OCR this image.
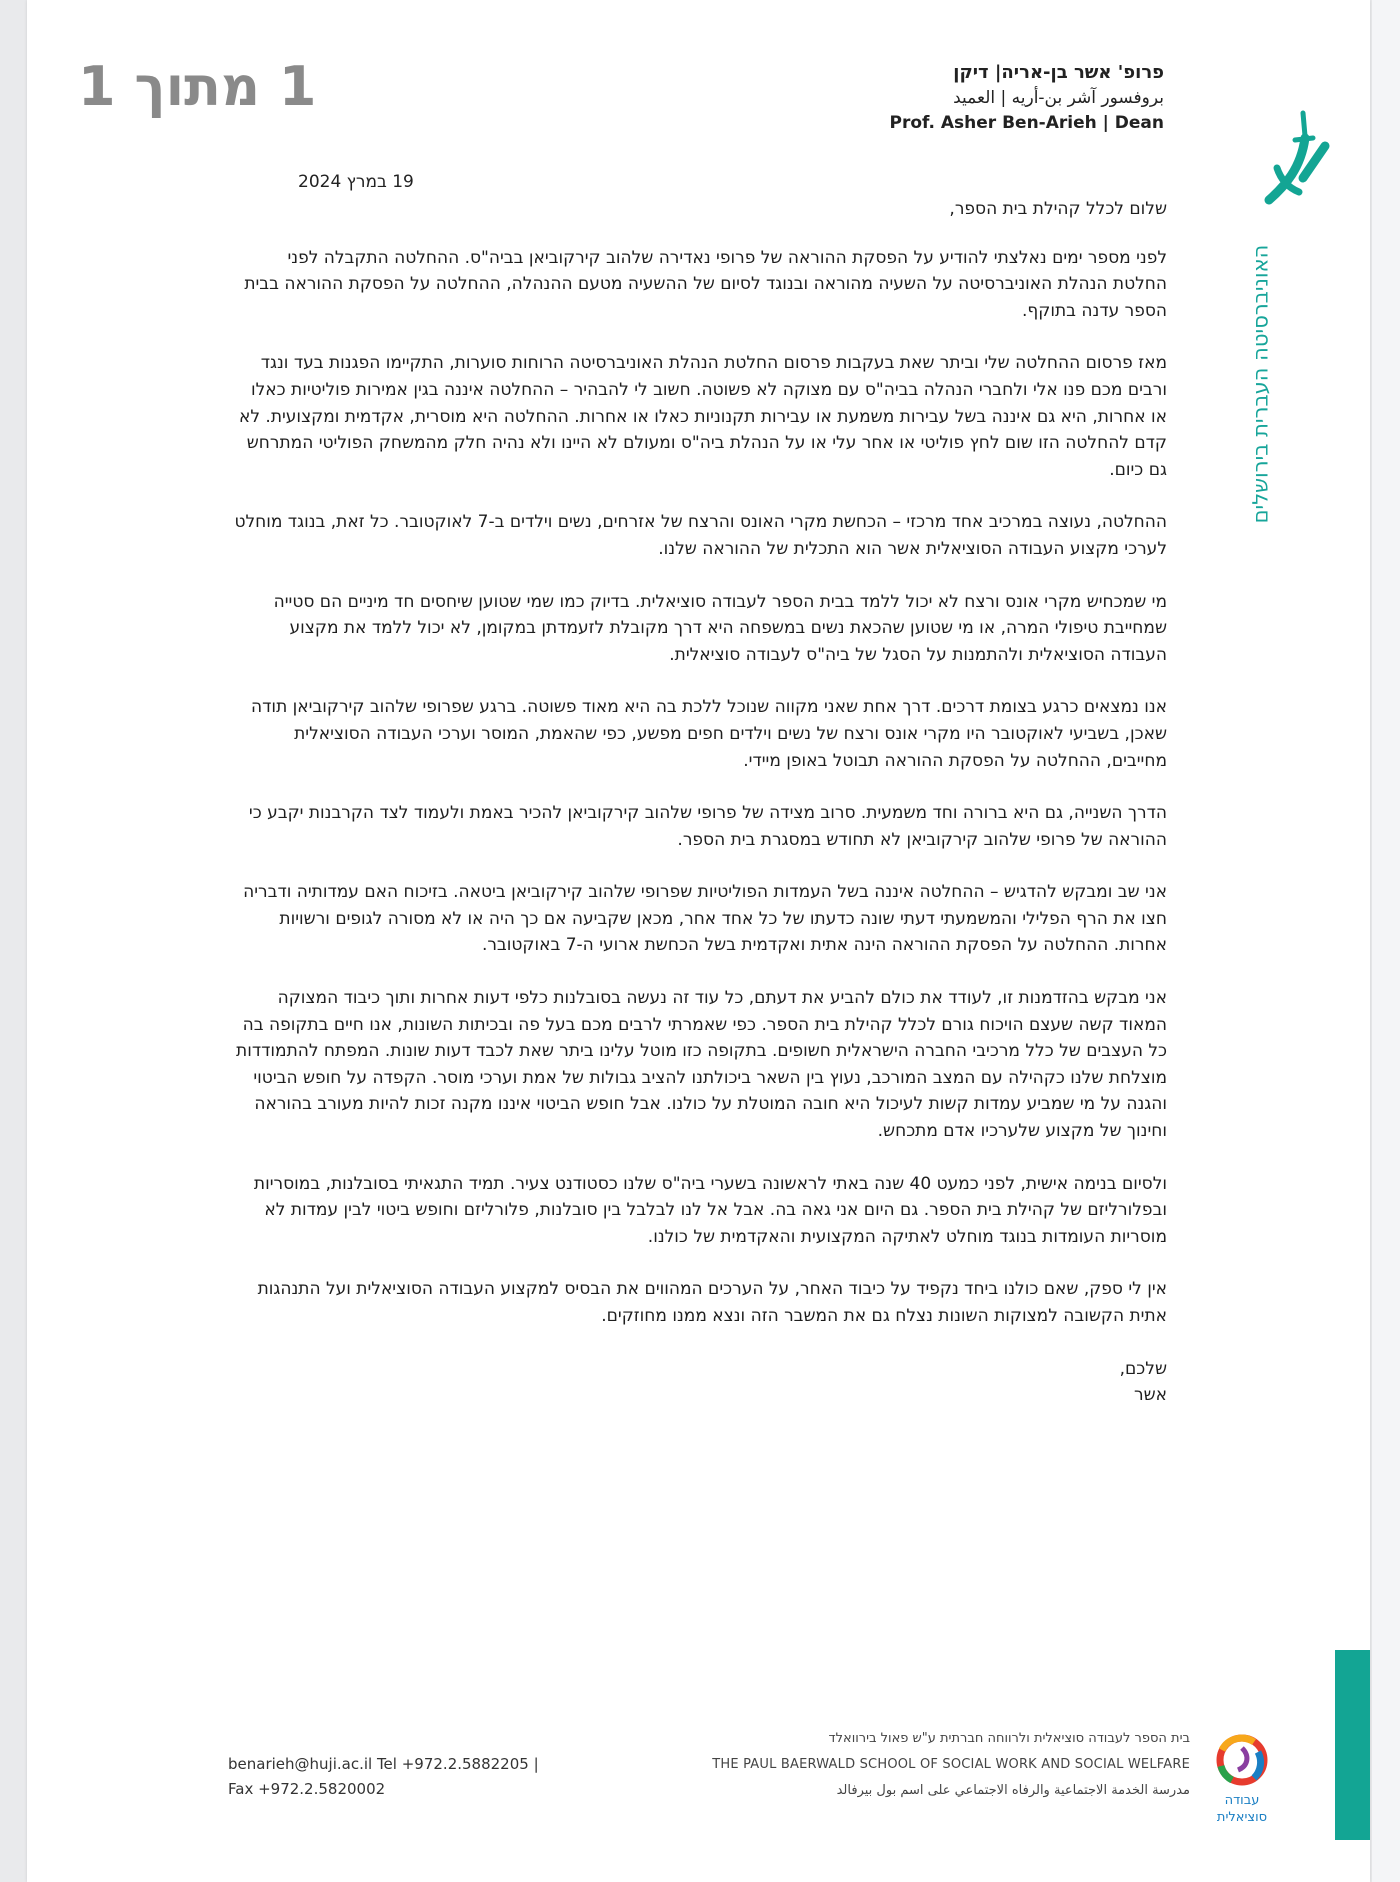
1 מתוך 1	פרופ' אשר בן-אריה| דיקן
بروفسور آشر بن-أريه | العميد
Prof. Asher Ben-Arieh | Dean
האוניברסיטה העברית בירושלים
19 במרץ 2024

שלום לכלל קהילת בית הספר,

לפני מספר ימים נאלצתי להודיע על הפסקת ההוראה של פרופי נאדירה שלהוב קירקוביאן בביה"ס. ההחלטה התקבלה לפני החלטת הנהלת האוניברסיטה על השעיה מהוראה ובנוגד לסיום של ההשעיה מטעם ההנהלה, ההחלטה על הפסקת ההוראה בבית הספר עדנה בתוקף.

מאז פרסום ההחלטה שלי וביתר שאת בעקבות פרסום החלטת הנהלת האוניברסיטה הרוחות סוערות, התקיימו הפגנות בעד ונגד ורבים מכם פנו אלי ולחברי הנהלה בביה"ס עם מצוקה לא פשוטה. חשוב לי להבהיר – ההחלטה איננה בגין אמירות פוליטיות כאלו או אחרות, היא גם איננה בשל עבירות משמעת או עבירות תקנוניות כאלו או אחרות. ההחלטה היא מוסרית, אקדמית ומקצועית. לא קדם להחלטה הזו שום לחץ פוליטי או אחר עלי או על הנהלת ביה"ס ומעולם לא היינו ולא נהיה חלק מהמשחק הפוליטי המתרחש גם כיום.

ההחלטה, נעוצה במרכיב אחד מרכזי – הכחשת מקרי האונס והרצח של אזרחים, נשים וילדים ב-7 לאוקטובר. כל זאת, בנוגד מוחלט לערכי מקצוע העבודה הסוציאלית אשר הוא התכלית של ההוראה שלנו.

מי שמכחיש מקרי אונס ורצח לא יכול ללמד בבית הספר לעבודה סוציאלית. בדיוק כמו שמי שטוען שיחסים חד מיניים הם סטייה שמחייבת טיפולי המרה, או מי שטוען שהכאת נשים במשפחה היא דרך מקובלת לזעמדתן במקומן, לא יכול ללמד את מקצוע העבודה הסוציאלית ולהתמנות על הסגל של ביה"ס לעבודה סוציאלית.

אנו נמצאים כרגע בצומת דרכים. דרך אחת שאני מקווה שנוכל ללכת בה היא מאוד פשוטה. ברגע שפרופי שלהוב קירקוביאן תודה שאכן, בשביעי לאוקטובר היו מקרי אונס ורצח של נשים וילדים חפים מפשע, כפי שהאמת, המוסר וערכי העבודה הסוציאלית מחייבים, ההחלטה על הפסקת ההוראה תבוטל באופן מיידי.

הדרך השנייה, גם היא ברורה וחד משמעית. סרוב מצידה של פרופי שלהוב קירקוביאן להכיר באמת ולעמוד לצד הקרבנות יקבע כי ההוראה של פרופי שלהוב קירקוביאן לא תחודש במסגרת בית הספר.

אני שב ומבקש להדגיש – ההחלטה איננה בשל העמדות הפוליטיות שפרופי שלהוב קירקוביאן ביטאה. בזיכוח האם עמדותיה ודבריה חצו את הרף הפלילי והמשמעתי דעתי שונה כדעתו של כל אחד אחר, מכאן שקביעה אם כך היה או לא מסורה לגופים ורשויות אחרות. ההחלטה על הפסקת ההוראה הינה אתית ואקדמית בשל הכחשת ארועי ה-7 באוקטובר.

אני מבקש בהזדמנות זו, לעודד את כולם להביע את דעתם, כל עוד זה נעשה בסובלנות כלפי דעות אחרות ותוך כיבוד המצוקה המאוד קשה שעצם הויכוח גורם לכלל קהילת בית הספר. כפי שאמרתי לרבים מכם בעל פה ובכיתות השונות, אנו חיים בתקופה בה כל העצבים של כלל מרכיבי החברה הישראלית חשופים. בתקופה כזו מוטל עלינו ביתר שאת לכבד דעות שונות. המפתח להתמודדות מוצלחת שלנו כקהילה עם המצב המורכב, נעוץ בין השאר ביכולתנו להציב גבולות של אמת וערכי מוסר. הקפדה על חופש הביטוי והגנה על מי שמביע עמדות קשות לעיכול היא חובה המוטלת על כולנו. אבל חופש הביטוי איננו מקנה זכות להיות מעורב בהוראה וחינוך של מקצוע שלערכיו אדם מתכחש.

ולסיום בנימה אישית, לפני כמעט 40 שנה באתי לראשונה בשערי ביה"ס שלנו כסטודנט צעיר. תמיד התגאיתי בסובלנות, במוסריות ובפלורליזם של קהילת בית הספר. גם היום אני גאה בה. אבל אל לנו לבלבל בין סובלנות, פלורליזם וחופש ביטוי לבין עמדות לא מוסריות העומדות בנוגד מוחלט לאתיקה המקצועית והאקדמית של כולנו.

אין לי ספק, שאם כולנו ביחד נקפיד על כיבוד האחר, על הערכים המהווים את הבסיס למקצוע העבודה הסוציאלית ועל התנהגות אתית הקשובה למצוקות השונות נצלח גם את המשבר הזה ונצא ממנו מחוזקים.

שלכם,

אשר

benarieh@huji.ac.il Tel +972.2.5882205 |
Fax +972.2.5820002
בית הספר לעבודה סוציאלית ולרווחה חברתית ע"ש פאול בירוואלד
THE PAUL BAERWALD SCHOOL OF SOCIAL WORK AND SOCIAL WELFARE
مدرسة الخدمة الاجتماعية والرفاه الاجتماعي على اسم بول بيرفالد
עבודה
סוציאלית
